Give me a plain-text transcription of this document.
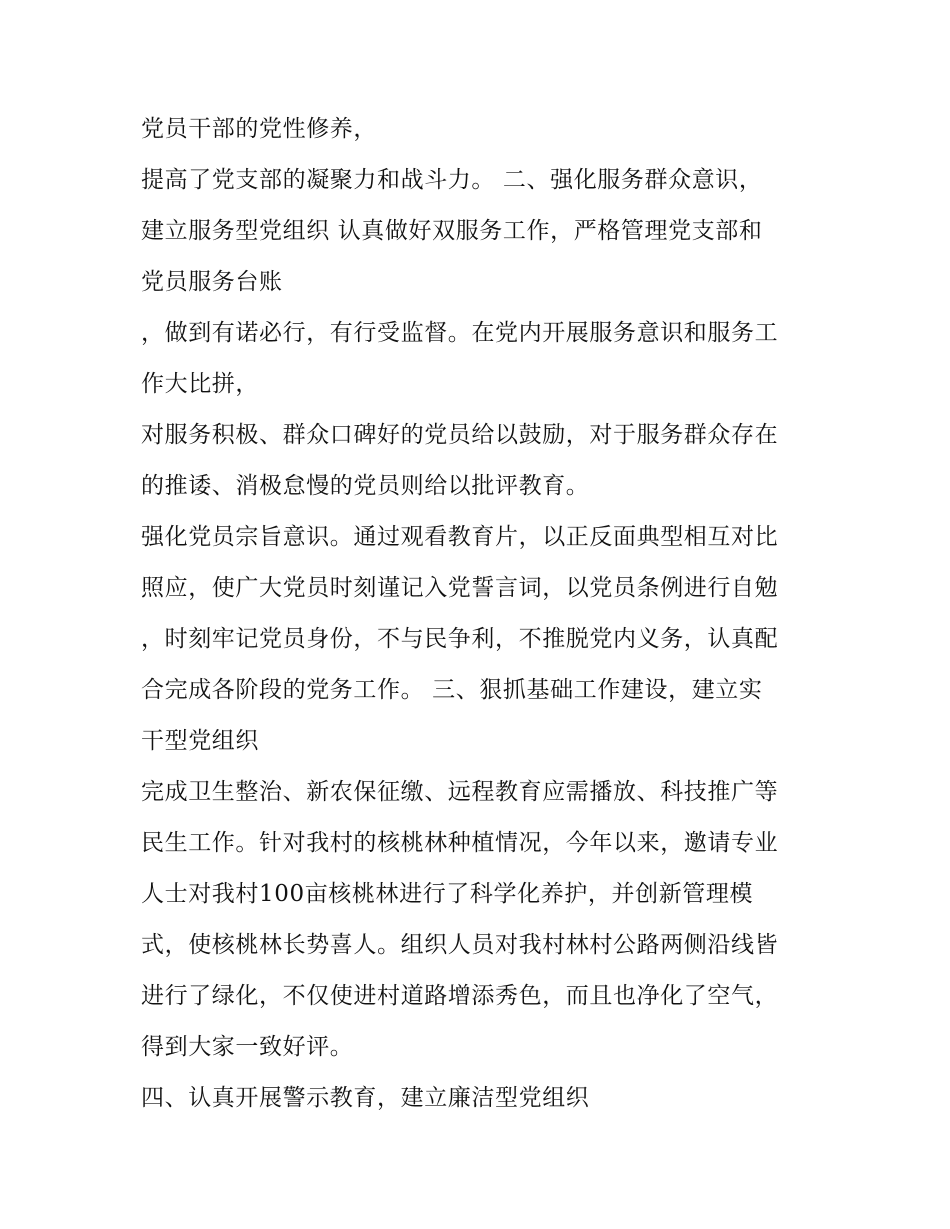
党员干部的党性修养，
提高了党支部的凝聚力和战斗力。 二、强化服务群众意识，
建立服务型党组织 认真做好双服务工作，严格管理党支部和
党员服务台账
，做到有诺必行，有行受监督。在党内开展服务意识和服务工
作大比拼，
对服务积极、群众口碑好的党员给以鼓励，对于服务群众存在
的推诿、消极怠慢的党员则给以批评教育。
强化党员宗旨意识。通过观看教育片，以正反面典型相互对比
照应，使广大党员时刻谨记入党誓言词，以党员条例进行自勉
，时刻牢记党员身份，不与民争利，不推脱党内义务，认真配
合完成各阶段的党务工作。 三、狠抓基础工作建设，建立实
干型党组织
完成卫生整治、新农保征缴、远程教育应需播放、科技推广等
民生工作。针对我村的核桃林种植情况，今年以来，邀请专业
人士对我村100亩核桃林进行了科学化养护，并创新管理模
式，使核桃林长势喜人。组织人员对我村林村公路两侧沿线皆
进行了绿化，不仅使进村道路增添秀色，而且也净化了空气，
得到大家一致好评。
四、认真开展警示教育，建立廉洁型党组织
